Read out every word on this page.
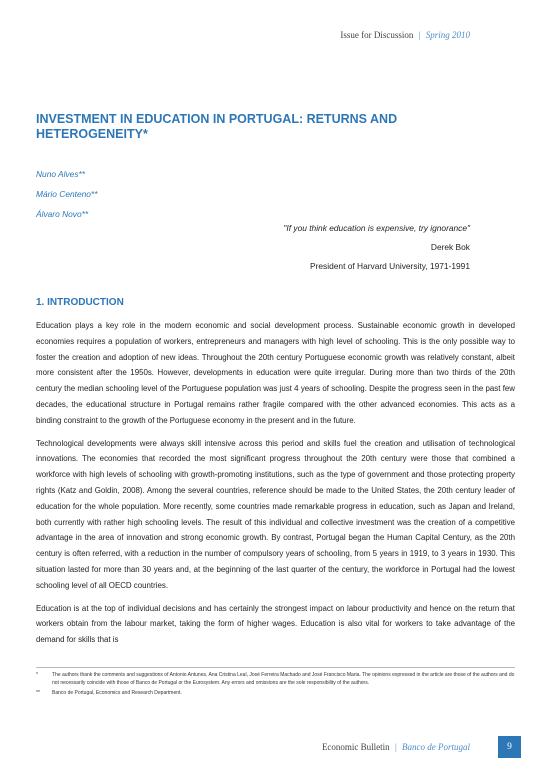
Issue for Discussion | Spring 2010
INVESTMENT IN EDUCATION IN PORTUGAL: RETURNS AND HETEROGENEITY*
Nuno Alves**
Mário Centeno**
Álvaro Novo**
"If you think education is expensive, try ignorance"
Derek Bok
President of Harvard University, 1971-1991
1. INTRODUCTION

Education plays a key role in the modern economic and social development process. Sustainable economic growth in developed economies requires a population of workers, entrepreneurs and managers with high level of schooling. This is the only possible way to foster the creation and adoption of new ideas. Throughout the 20th century Portuguese economic growth was relatively constant, albeit more consistent after the 1950s. However, developments in education were quite irregular. During more than two thirds of the 20th century the median schooling level of the Portuguese population was just 4 years of schooling. Despite the progress seen in the past few decades, the educational structure in Portugal remains rather fragile compared with the other advanced economies. This acts as a binding constraint to the growth of the Portuguese economy in the present and in the future.

Technological developments were always skill intensive across this period and skills fuel the creation and utilisation of technological innovations. The economies that recorded the most significant progress throughout the 20th century were those that combined a workforce with high levels of schooling with growth-promoting institutions, such as the type of government and those protecting property rights (Katz and Goldin, 2008). Among the several countries, reference should be made to the United States, the 20th century leader of education for the whole population. More recently, some countries made remarkable progress in education, such as Japan and Ireland, both currently with rather high schooling levels. The result of this individual and collective investment was the creation of a competitive advantage in the area of innovation and strong economic growth. By contrast, Portugal began the Human Capital Century, as the 20th century is often referred, with a reduction in the number of compulsory years of schooling, from 5 years in 1919, to 3 years in 1930. This situation lasted for more than 30 years and, at the beginning of the last quarter of the century, the workforce in Portugal had the lowest schooling level of all OECD countries.

Education is at the top of individual decisions and has certainly the strongest impact on labour productivity and hence on the return that workers obtain from the labour market, taking the form of higher wages. Education is also vital for workers to take advantage of the demand for skills that is

*	The authors thank the comments and suggestions of Antonio Antunes, Ana Cristina Leal, José Ferreira Machado and José Francisco Maria. The opinions expressed in the article are those of the authors and do not necessarily coincide with those of Banco de Portugal or the Eurosystem. Any errors and omissions are the sole responsibility of the authors.
**	Banco de Portugal, Economics and Research Department.
Economic Bulletin | Banco de Portugal	9
